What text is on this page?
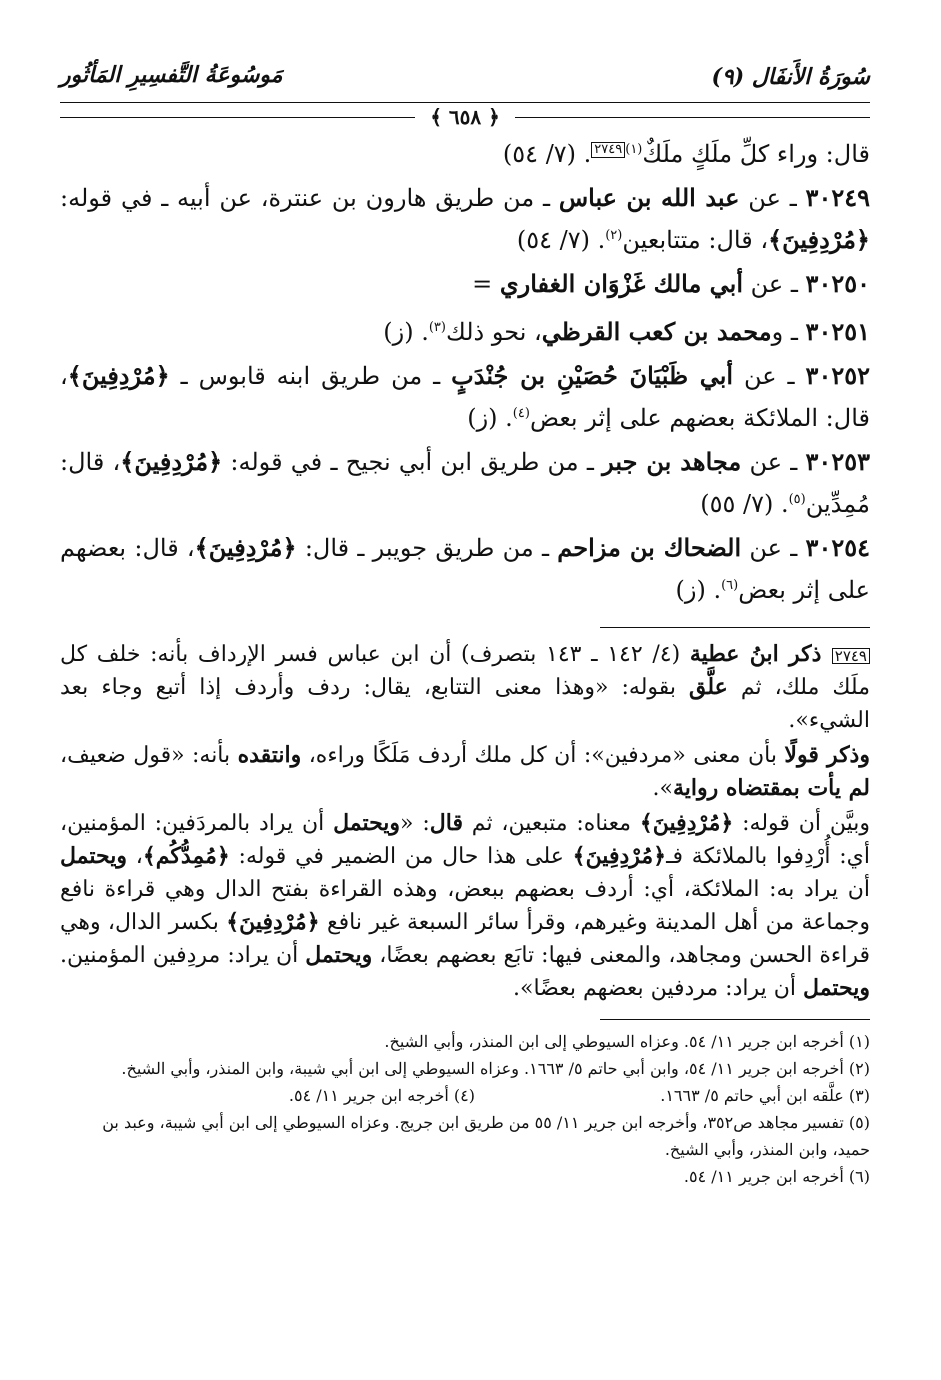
سُورَةُ الأَنفَال (٩)
مَوسُوعَةُ التَّفسِيرِ المَأثُور
﴿ ٦٥٨ ﴾

قال: وراء كلِّ ملَكٍ ملَكٌ$^{(١)}$٢٧٤٩. (٧/ ٥٤)

٣٠٢٤٩ ـ عن عبد الله بن عباس ـ من طريق هارون بن عنترة، عن أبيه ـ في قوله: ﴿مُرْدِفِينَ﴾، قال: متتابعين$^{(٢)}$. (٧/ ٥٤)

٣٠٢٥٠ ـ عن أبي مالك غَزْوَان الغفاري =

٣٠٢٥١ ـ ومحمد بن كعب القرظي، نحو ذلك$^{(٣)}$. (ز)

٣٠٢٥٢ ـ عن أبي ظَبْيَانَ حُصَيْنِ بن جُنْدَبٍ ـ من طريق ابنه قابوس ـ ﴿مُرْدِفِينَ﴾، قال: الملائكة بعضهم على إثر بعض$^{(٤)}$. (ز)

٣٠٢٥٣ ـ عن مجاهد بن جبر ـ من طريق ابن أبي نجيح ـ في قوله: ﴿مُرْدِفِينَ﴾، قال: مُمِدِّين$^{(٥)}$. (٧/ ٥٥)

٣٠٢٥٤ ـ عن الضحاك بن مزاحم ـ من طريق جويبر ـ قال: ﴿مُرْدِفِينَ﴾، قال: بعضهم على إثر بعض$^{(٦)}$. (ز)

٢٧٤٩ ذكر ابنُ عطية (٤/ ١٤٢ ـ ١٤٣ بتصرف) أن ابن عباس فسر الإرداف بأنه: خلف كل ملَك ملك، ثم علَّق بقوله: «وهذا معنى التتابع، يقال: ردف وأردف إذا أتبع وجاء بعد الشيء».

وذكر قولًا بأن معنى «مردفين»: أن كل ملك أردف مَلَكًا وراءه، وانتقده بأنه: «قول ضعيف، لم يأت بمقتضاه رواية».

وبيَّن أن قوله: ﴿مُرْدِفِينَ﴾ معناه: متبعين، ثم قال: «ويحتمل أن يراد بالمردَفين: المؤمنين، أي: أُرْدِفوا بالملائكة فـ﴿مُرْدِفِينَ﴾ على هذا حال من الضمير في قوله: ﴿مُمِدُّكُم﴾، ويحتمل أن يراد به: الملائكة، أي: أردف بعضهم ببعض، وهذه القراءة بفتح الدال وهي قراءة نافع وجماعة من أهل المدينة وغيرهم، وقرأ سائر السبعة غير نافع ﴿مُرْدِفِينَ﴾ بكسر الدال، وهي قراءة الحسن ومجاهد، والمعنى فيها: تابَع بعضهم بعضًا، ويحتمل أن يراد: مردِفين المؤمنين. ويحتمل أن يراد: مردفين بعضهم بعضًا».

(١) أخرجه ابن جرير ١١/ ٥٤. وعزاه السيوطي إلى ابن المنذر، وأبي الشيخ.

(٢) أخرجه ابن جرير ١١/ ٥٤، وابن أبي حاتم ٥/ ١٦٦٣. وعزاه السيوطي إلى ابن أبي شيبة، وابن المنذر، وأبي الشيخ.

(٣) علَّقه ابن أبي حاتم ٥/ ١٦٦٣.
(٤) أخرجه ابن جرير ١١/ ٥٤.

(٥) تفسير مجاهد ص٣٥٢، وأخرجه ابن جرير ١١/ ٥٥ من طريق ابن جريج. وعزاه السيوطي إلى ابن أبي شيبة، وعبد بن حميد، وابن المنذر، وأبي الشيخ.

(٦) أخرجه ابن جرير ١١/ ٥٤.
